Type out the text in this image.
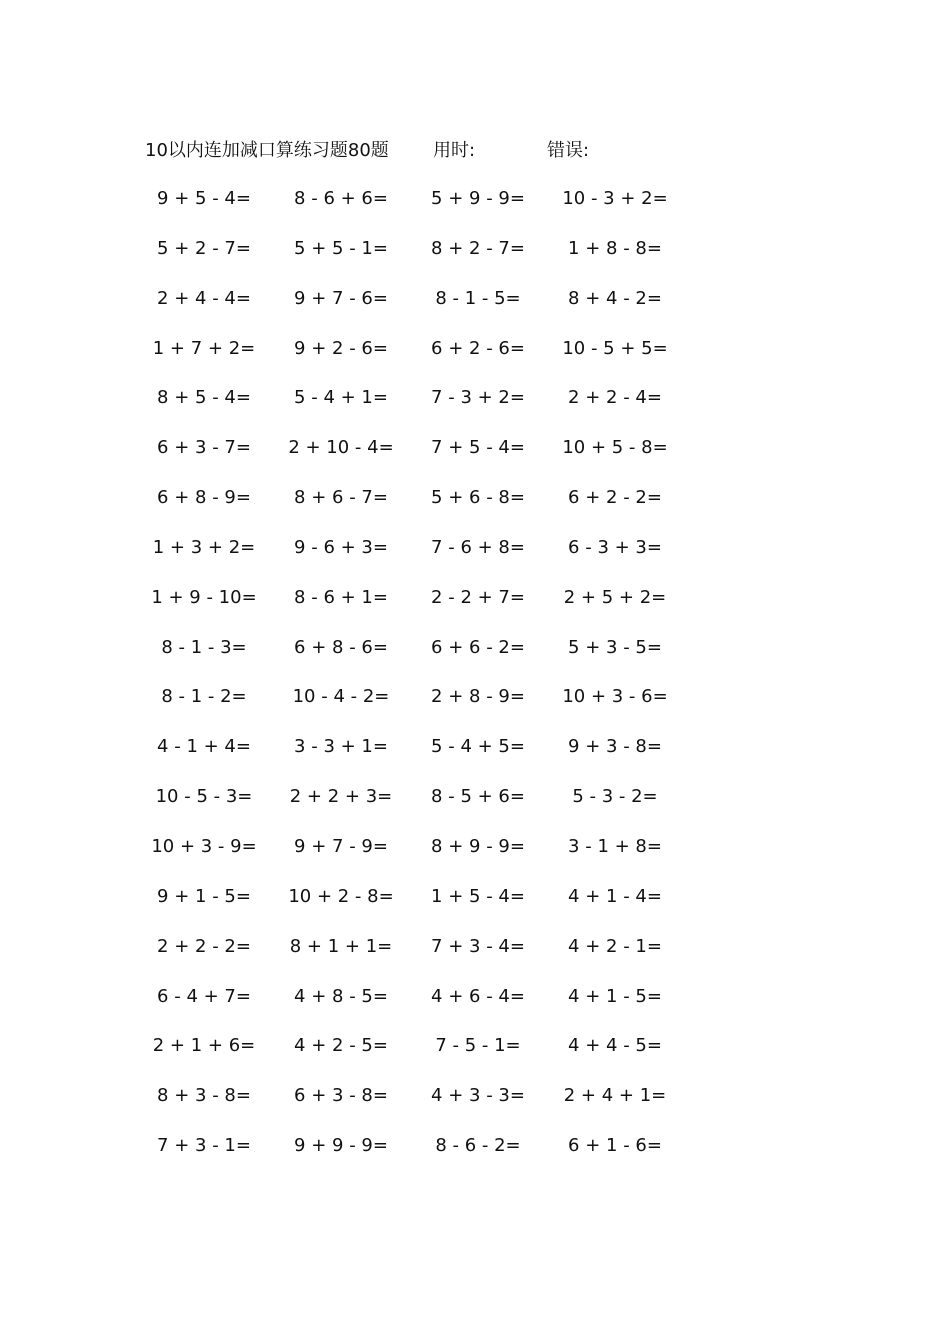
10以内连加减口算练习题80题 用时:	错误:
9 + 5 - 4=	8 - 6 + 6=	5 + 9 - 9=	10 - 3 + 2=
5 + 2 - 7=	5 + 5 - 1=	8 + 2 - 7=	1 + 8 - 8=
2 + 4 - 4=	9 + 7 - 6=	8 - 1 - 5=	8 + 4 - 2=
1 + 7 + 2=	9 + 2 - 6=	6 + 2 - 6=	10 - 5 + 5=
8 + 5 - 4=	5 - 4 + 1=	7 - 3 + 2=	2 + 2 - 4=
6 + 3 - 7=	2 + 10 - 4=	7 + 5 - 4=	10 + 5 - 8=
6 + 8 - 9=	8 + 6 - 7=	5 + 6 - 8=	6 + 2 - 2=
1 + 3 + 2=	9 - 6 + 3=	7 - 6 + 8=	6 - 3 + 3=
1 + 9 - 10=	8 - 6 + 1=	2 - 2 + 7=	2 + 5 + 2=
8 - 1 - 3=	6 + 8 - 6=	6 + 6 - 2=	5 + 3 - 5=
8 - 1 - 2=	10 - 4 - 2=	2 + 8 - 9=	10 + 3 - 6=
4 - 1 + 4=	3 - 3 + 1=	5 - 4 + 5=	9 + 3 - 8=
10 - 5 - 3=	2 + 2 + 3=	8 - 5 + 6=	5 - 3 - 2=
10 + 3 - 9=	9 + 7 - 9=	8 + 9 - 9=	3 - 1 + 8=
9 + 1 - 5=	10 + 2 - 8=	1 + 5 - 4=	4 + 1 - 4=
2 + 2 - 2=	8 + 1 + 1=	7 + 3 - 4=	4 + 2 - 1=
6 - 4 + 7=	4 + 8 - 5=	4 + 6 - 4=	4 + 1 - 5=
2 + 1 + 6=	4 + 2 - 5=	7 - 5 - 1=	4 + 4 - 5=
8 + 3 - 8=	6 + 3 - 8=	4 + 3 - 3=	2 + 4 + 1=
7 + 3 - 1=	9 + 9 - 9=	8 - 6 - 2=	6 + 1 - 6=
